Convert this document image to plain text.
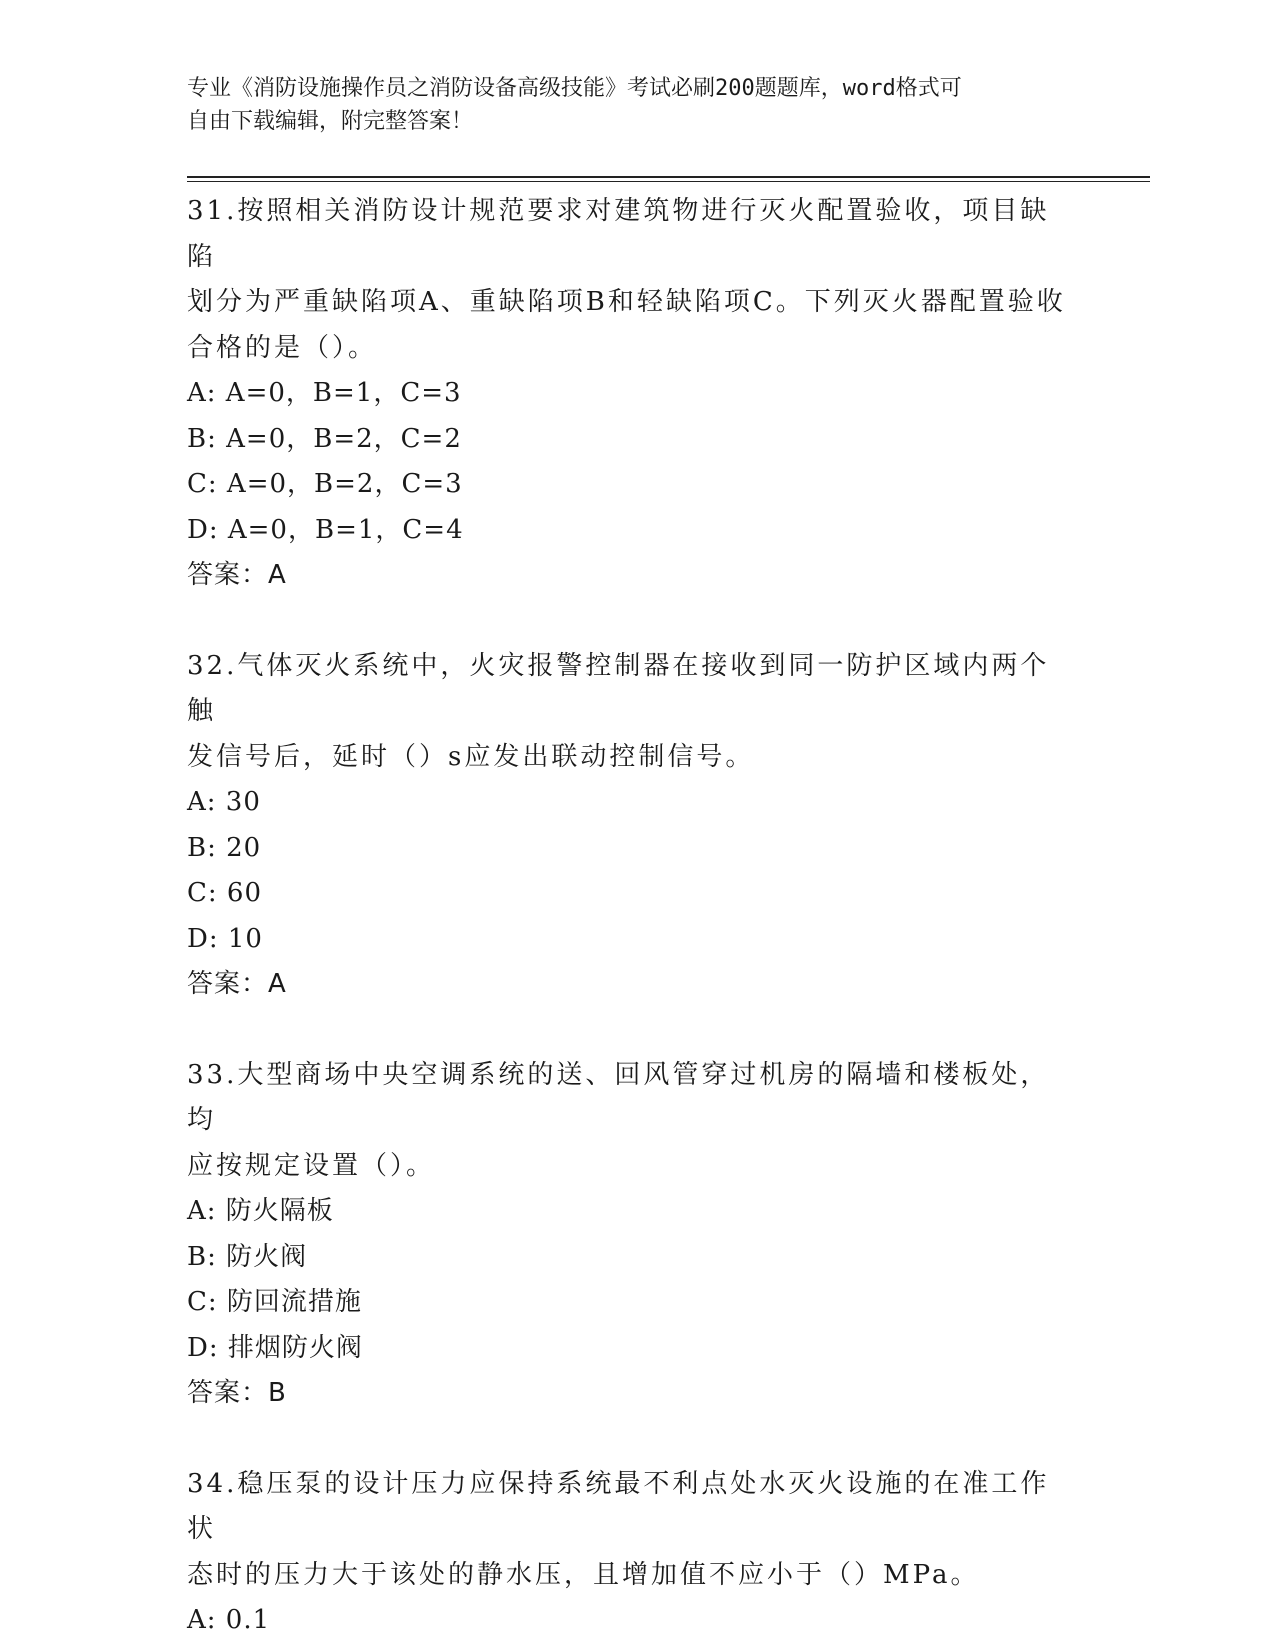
专业《消防设施操作员之消防设备高级技能》考试必刷200题题库，word格式可
自由下载编辑，附完整答案！
31.按照相关消防设计规范要求对建筑物进行灭火配置验收，项目缺陷
划分为严重缺陷项A、重缺陷项B和轻缺陷项C。下列灭火器配置验收
合格的是（）。
A: A=0，B=1，C=3
B: A=0，B=2，C=2
C: A=0，B=2，C=3
D: A=0，B=1，C=4
答案：A
32.气体灭火系统中，火灾报警控制器在接收到同一防护区域内两个触
发信号后，延时（）s应发出联动控制信号。
A: 30
B: 20
C: 60
D: 10
答案：A
33.大型商场中央空调系统的送、回风管穿过机房的隔墙和楼板处，均
应按规定设置（）。
A: 防火隔板
B: 防火阀
C: 防回流措施
D: 排烟防火阀
答案：B
34.稳压泵的设计压力应保持系统最不利点处水灭火设施的在准工作状
态时的压力大于该处的静水压，且增加值不应小于（）MPa。
A: 0.1
